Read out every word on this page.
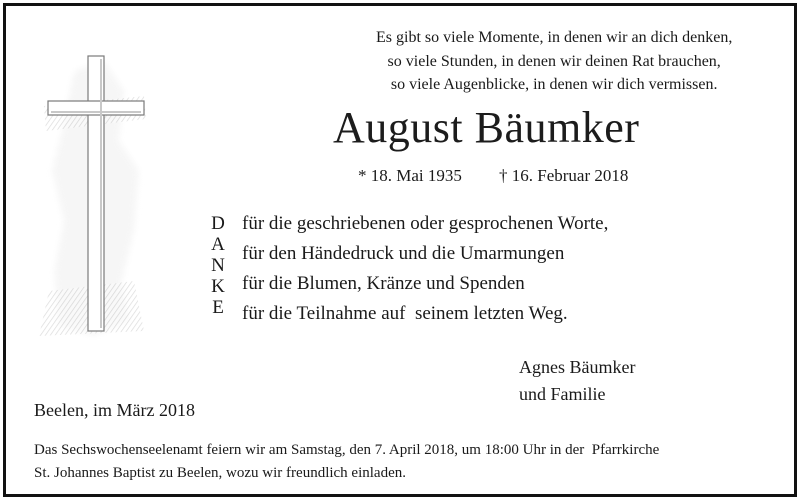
Es gibt so viele Momente, in denen wir an dich denken,
so viele Stunden, in denen wir deinen Rat brauchen,
so viele Augenblicke, in denen wir dich vermissen.
August Bäumker
* 18. Mai 1935 † 16. Februar 2018
D
A
N
K
E
für die geschriebenen oder gesprochenen Worte,
für den Händedruck und die Umarmungen
für die Blumen, Kränze und Spenden
für die Teilnahme auf  seinem letzten Weg.
Agnes Bäumker
und Familie
Beelen, im März 2018
Das Sechswochenseelenamt feiern wir am Samstag, den 7. April 2018, um 18:00 Uhr in der  Pfarrkirche
St. Johannes Baptist zu Beelen, wozu wir freundlich einladen.
